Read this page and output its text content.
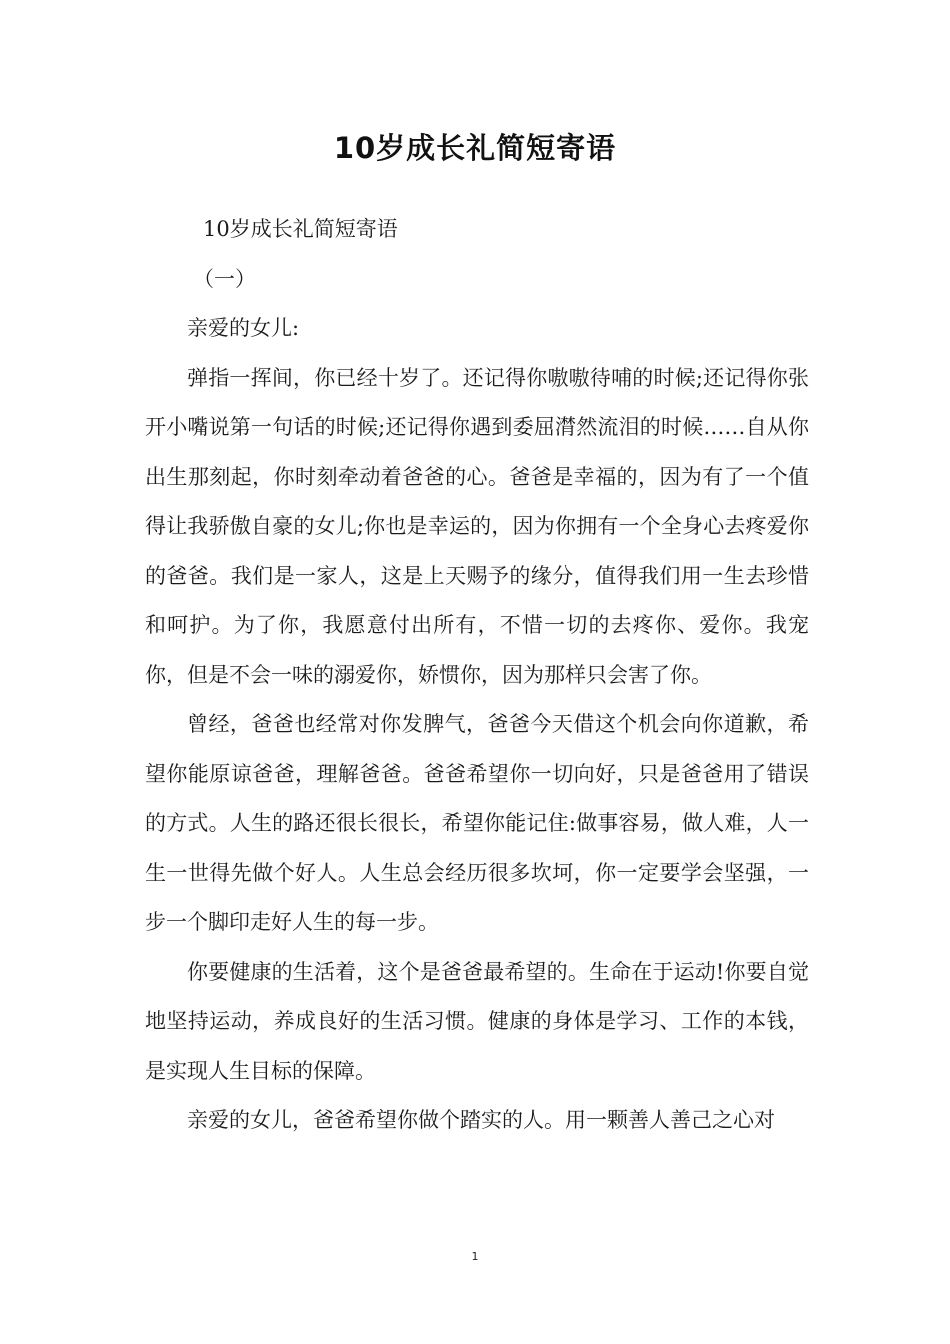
10岁成长礼简短寄语

10岁成长礼简短寄语

（一）

亲爱的女儿:

弹指一挥间，你已经十岁了。还记得你嗷嗷待哺的时候;还记得你张开小嘴说第一句话的时候;还记得你遇到委屈潸然流泪的时候……自从你出生那刻起，你时刻牵动着爸爸的心。爸爸是幸福的，因为有了一个值得让我骄傲自豪的女儿;你也是幸运的，因为你拥有一个全身心去疼爱你的爸爸。我们是一家人，这是上天赐予的缘分，值得我们用一生去珍惜和呵护。为了你，我愿意付出所有，不惜一切的去疼你、爱你。我宠你，但是不会一味的溺爱你，娇惯你，因为那样只会害了你。

曾经，爸爸也经常对你发脾气，爸爸今天借这个机会向你道歉，希望你能原谅爸爸，理解爸爸。爸爸希望你一切向好，只是爸爸用了错误的方式。人生的路还很长很长，希望你能记住:做事容易，做人难，人一生一世得先做个好人。人生总会经历很多坎坷，你一定要学会坚强，一步一个脚印走好人生的每一步。

你要健康的生活着，这个是爸爸最希望的。生命在于运动!你要自觉地坚持运动，养成良好的生活习惯。健康的身体是学习、工作的本钱，是实现人生目标的保障。

亲爱的女儿，爸爸希望你做个踏实的人。用一颗善人善己之心对

1
